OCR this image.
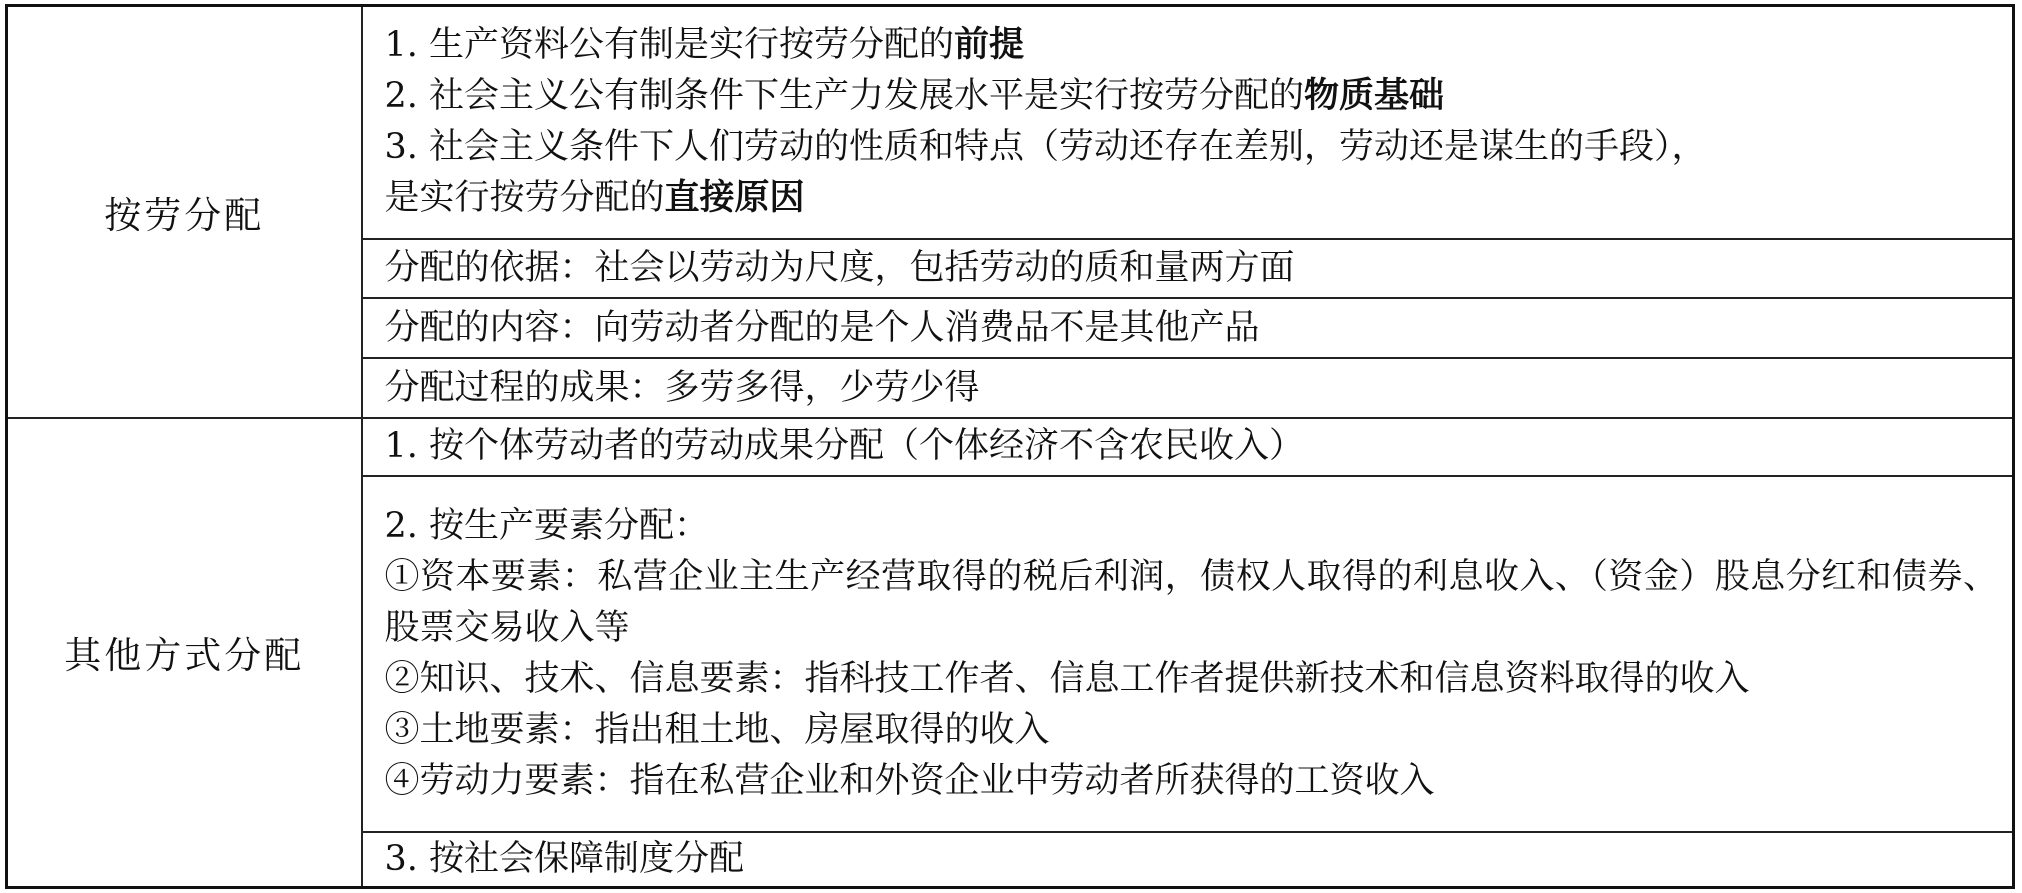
按劳分配	1. 生产资料公有制是实行按劳分配的前提
2. 社会主义公有制条件下生产力发展水平是实行按劳分配的物质基础
3. 社会主义条件下人们劳动的性质和特点（劳动还存在差别，劳动还是谋生的手段），
是实行按劳分配的直接原因

	分配的依据：社会以劳动为尺度，包括劳动的质和量两方面

	分配的内容：向劳动者分配的是个人消费品不是其他产品

	分配过程的成果：多劳多得，少劳少得

其他方式分配	1. 按个体劳动者的劳动成果分配（个体经济不含农民收入）

	2. 按生产要素分配：
①资本要素：私营企业主生产经营取得的税后利润，债权人取得的利息收入、（资金）股息分红和债券、股票交易收入等
②知识、技术、信息要素：指科技工作者、信息工作者提供新技术和信息资料取得的收入
③土地要素：指出租土地、房屋取得的收入
④劳动力要素：指在私营企业和外资企业中劳动者所获得的工资收入

	3. 按社会保障制度分配
